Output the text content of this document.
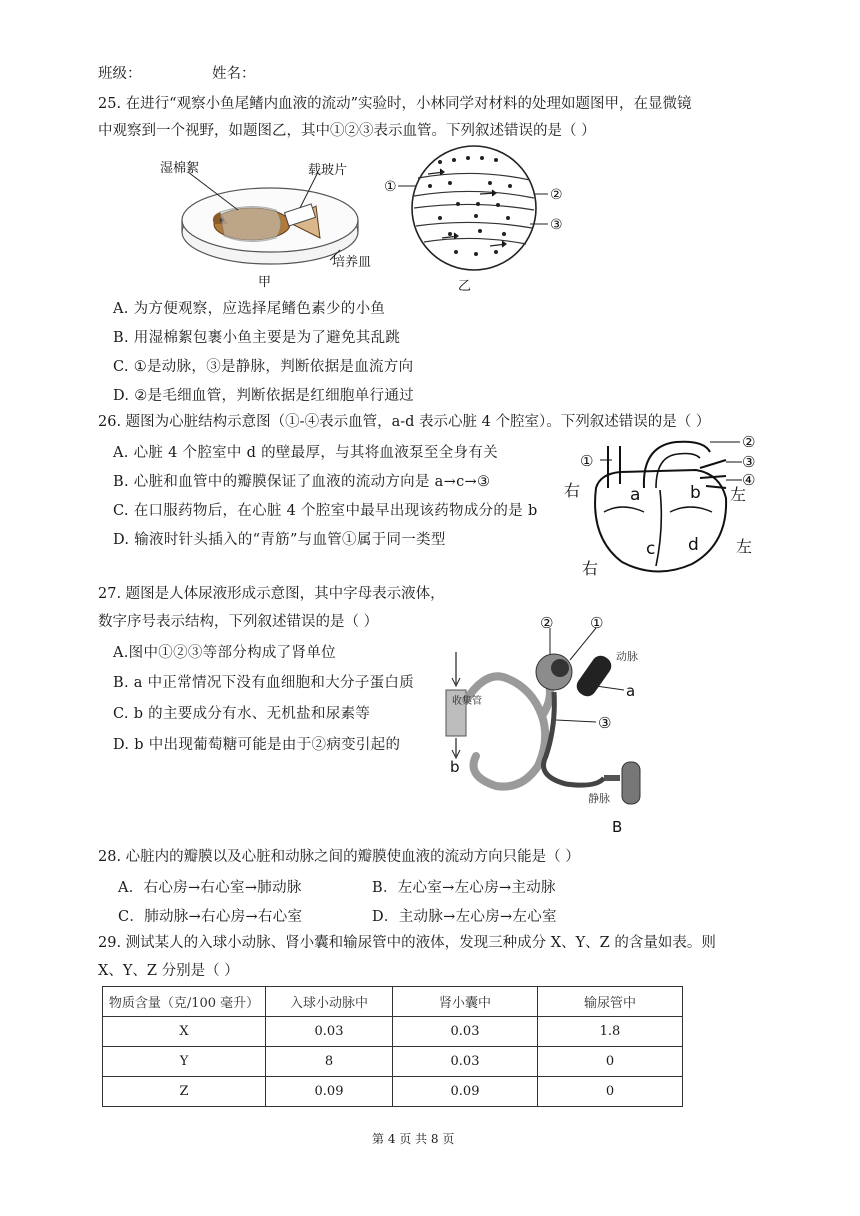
班级：	姓名：
25. 在进行“观察小鱼尾鳍内血液的流动”实验时，小林同学对材料的处理如题图甲，在显微镜
中观察到一个视野，如题图乙，其中①②③表示血管。下列叙述错误的是（ ）
湿棉絮	载玻片
培养皿
甲
①	②
③
乙
A. 为方便观察，应选择尾鳍色素少的小鱼
B. 用湿棉絮包裹小鱼主要是为了避免其乱跳
C. ①是动脉，③是静脉，判断依据是血流方向
D. ②是毛细血管，判断依据是红细胞单行通过
26. 题图为心脏结构示意图（①-④表示血管，a-d 表示心脏 4 个腔室）。下列叙述错误的是（ ）
A. 心脏 4 个腔室中 d 的壁最厚，与其将血液泵至全身有关
B. 心脏和血管中的瓣膜保证了血液的流动方向是 a→c→③
C. 在口服药物后，在心脏 4 个腔室中最早出现该药物成分的是 b
D. 输液时针头插入的“青筋”与血管①属于同一类型
①
②
③
④
右	左
左
右
a	b
c d
27. 题图是人体尿液形成示意图，其中字母表示液体，
数字序号表示结构，下列叙述错误的是（ ）
A.图中①②③等部分构成了肾单位
B. a 中正常情况下没有血细胞和大分子蛋白质
C. b 的主要成分有水、无机盐和尿素等
D. b 中出现葡萄糖可能是由于②病变引起的
② ①
③
动脉
静脉
收集管
a
b
B
28. 心脏内的瓣膜以及心脏和动脉之间的瓣膜使血液的流动方向只能是（ ）
A．右心房→右心室→肺动脉	B．左心室→左心房→主动脉
C．肺动脉→右心房→右心室	D．主动脉→左心房→左心室
29. 测试某人的入球小动脉、肾小囊和输尿管中的液体，发现三种成分 X、Y、Z 的含量如表。则
X、Y、Z 分别是（ ）
物质含量（克/100 毫升）	入球小动脉中	肾小囊中	输尿管中
X	0.03	0.03	1.8
Y	8	0.03	0
Z	0.09	0.09	0
第 4 页 共 8 页
